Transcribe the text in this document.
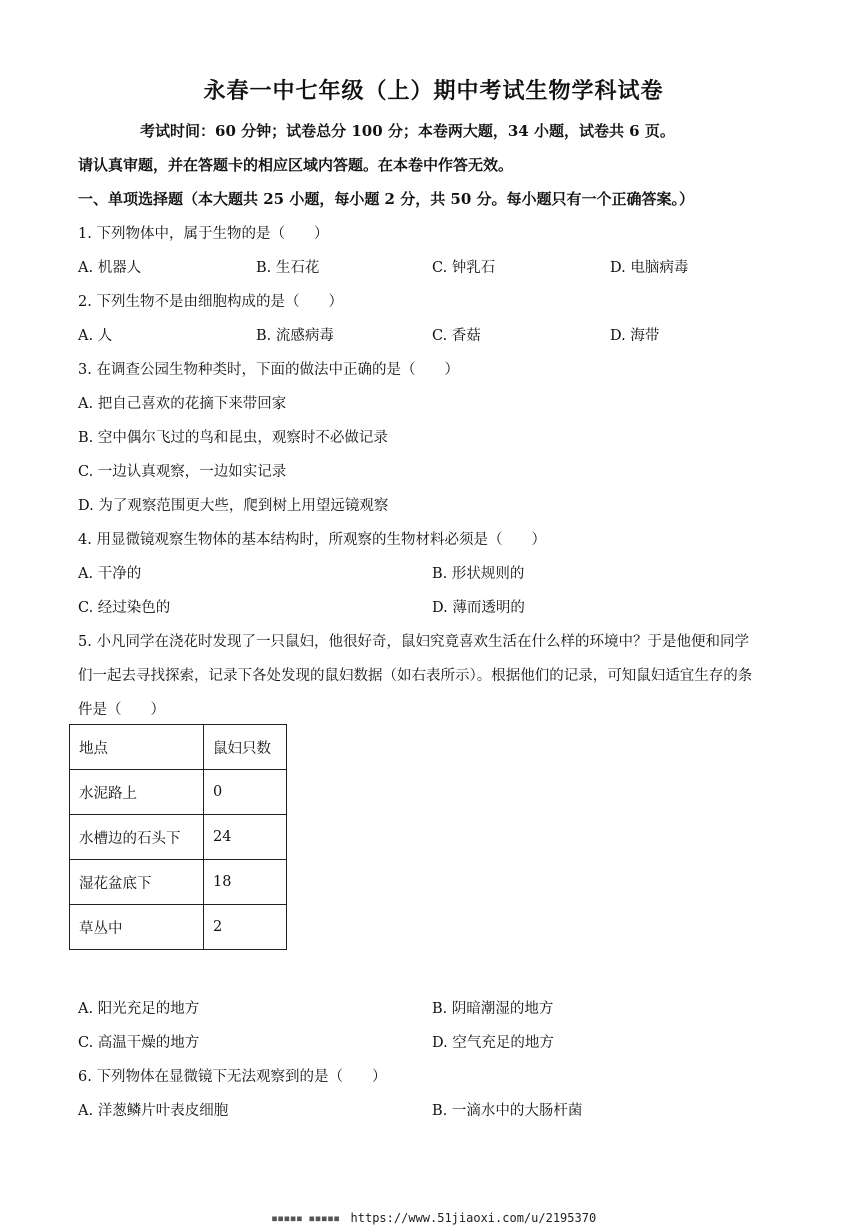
永春一中七年级（上）期中考试生物学科试卷
考试时间：60 分钟；试卷总分 100 分；本卷两大题，34 小题，试卷共 6 页。
请认真审题，并在答题卡的相应区域内答题。在本卷中作答无效。
一、单项选择题（本大题共 25 小题，每小题 2 分，共 50 分。每小题只有一个正确答案。）
1. 下列物体中，属于生物的是（　　）
A. 机器人	B. 生石花	C. 钟乳石	D. 电脑病毒
2. 下列生物不是由细胞构成的是（　　）
A. 人	B. 流感病毒	C. 香菇	D. 海带
3. 在调查公园生物种类时，下面的做法中正确的是（　　）
A. 把自己喜欢的花摘下来带回家
B. 空中偶尔飞过的鸟和昆虫，观察时不必做记录
C. 一边认真观察，一边如实记录
D. 为了观察范围更大些，爬到树上用望远镜观察
4. 用显微镜观察生物体的基本结构时，所观察的生物材料必须是（　　）
A. 干净的	B. 形状规则的
C. 经过染色的	D. 薄而透明的
5. 小凡同学在浇花时发现了一只鼠妇，他很好奇，鼠妇究竟喜欢生活在什么样的环境中？于是他便和同学
们一起去寻找探索，记录下各处发现的鼠妇数据（如右表所示）。根据他们的记录，可知鼠妇适宜生存的条
件是（　　）
地点	鼠妇只数
水泥路上	0
水槽边的石头下	24
湿花盆底下	18
草丛中	2
A. 阳光充足的地方	B. 阴暗潮湿的地方
C. 高温干燥的地方	D. 空气充足的地方
6. 下列物体在显微镜下无法观察到的是（　　）
A. 洋葱鳞片叶表皮细胞	B. 一滴水中的大肠杆菌
▪▪▪▪▪ ▪▪▪▪▪ https://www.51jiaoxi.com/u/2195370
